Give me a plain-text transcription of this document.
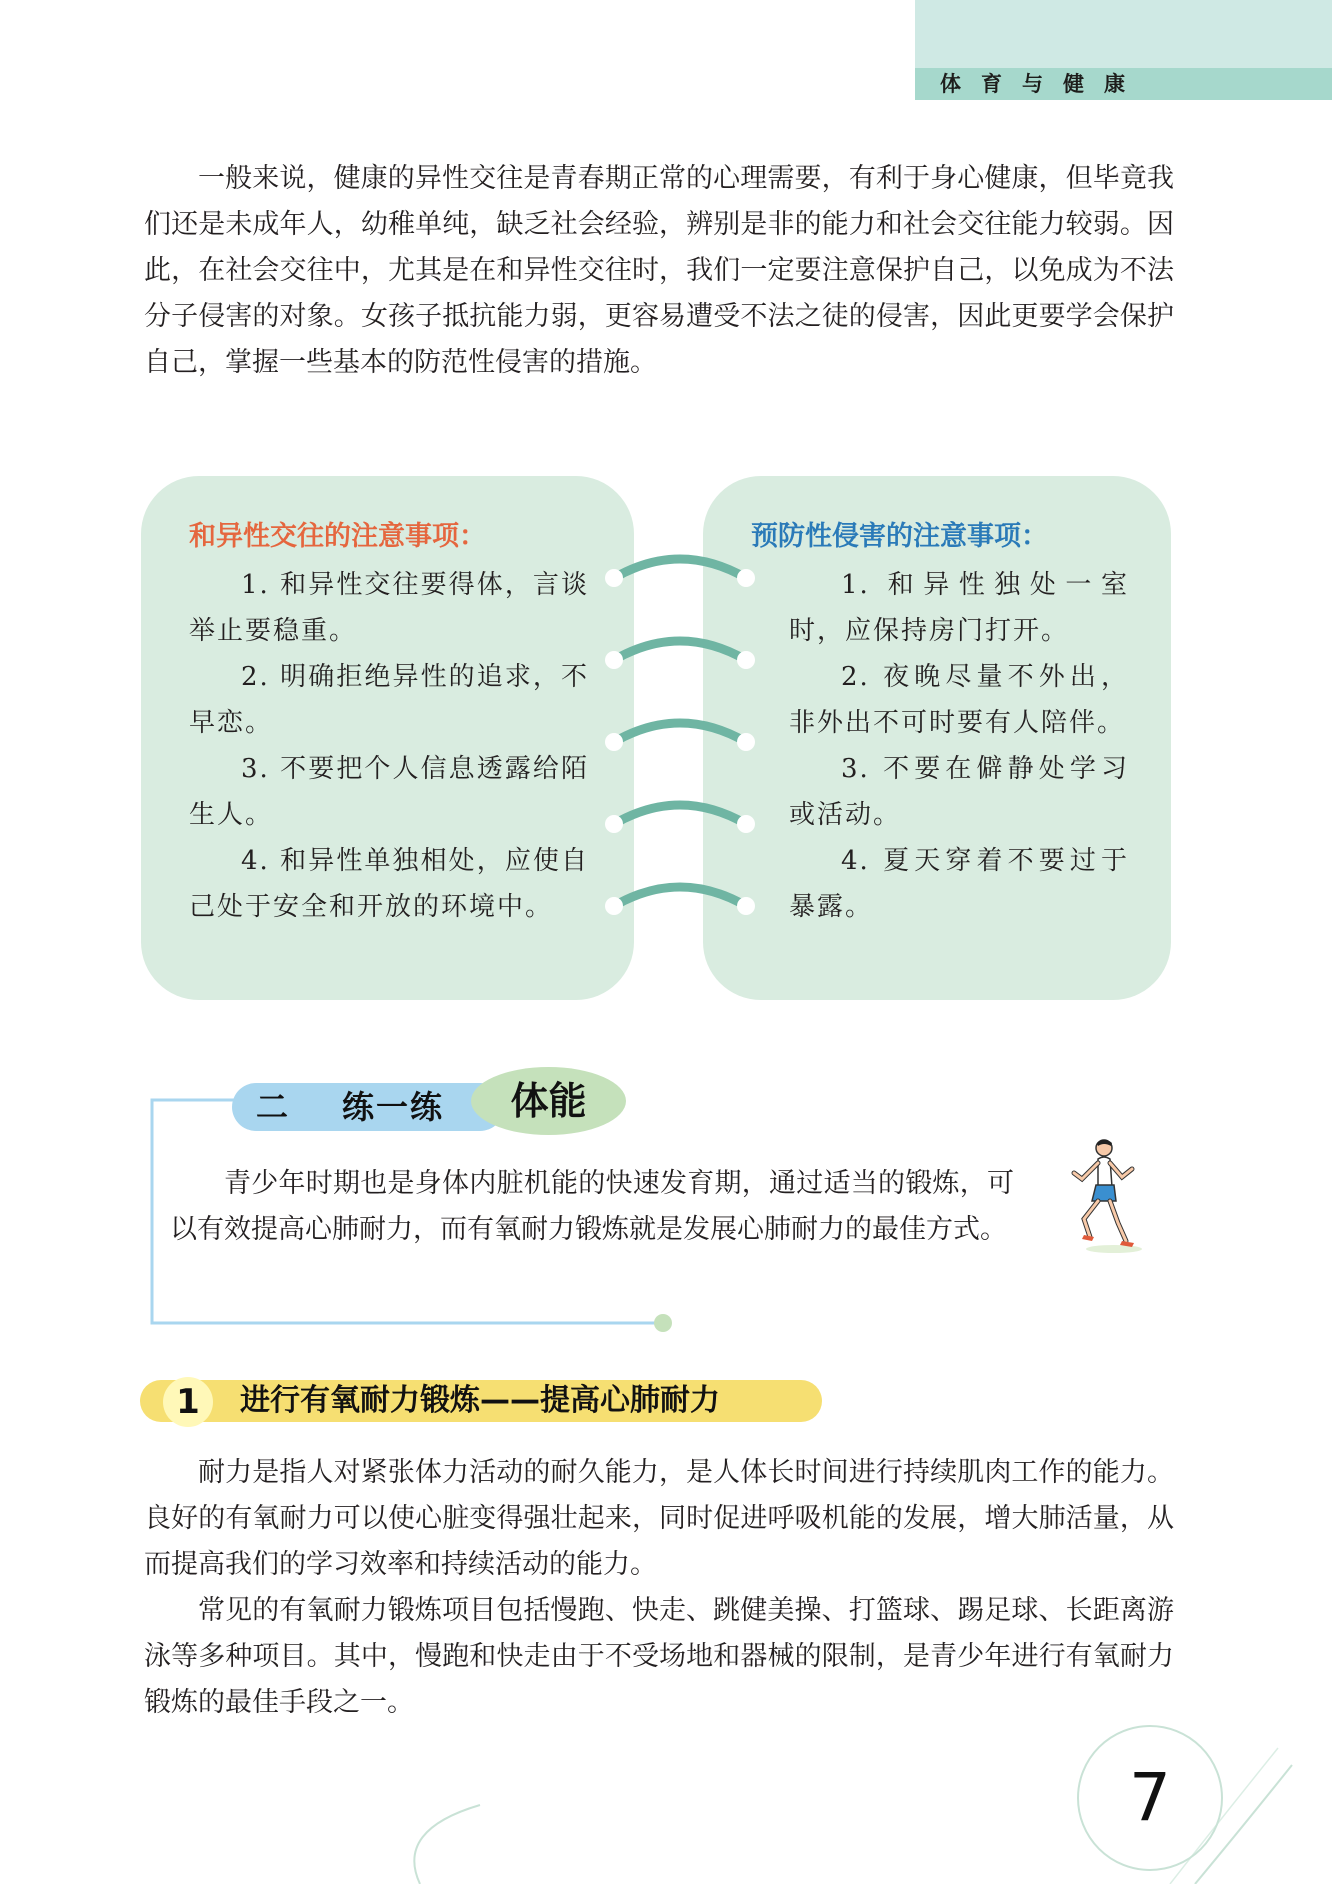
体育与健康

一般来说，健康的异性交往是青春期正常的心理需要，有利于身心健康，但毕竟我们还是未成年人，幼稚单纯，缺乏社会经验，辨别是非的能力和社会交往能力较弱。因此，在社会交往中，尤其是在和异性交往时，我们一定要注意保护自己，以免成为不法分子侵害的对象。女孩子抵抗能力弱，更容易遭受不法之徒的侵害，因此更要学会保护自己，掌握一些基本的防范性侵害的措施。

和异性交往的注意事项：

1. 和异性交往要得体，言谈举止要稳重。
2. 明确拒绝异性的追求，不早恋。
3. 不要把个人信息透露给陌生人。
4. 和异性单独相处，应使自己处于安全和开放的环境中。

预防性侵害的注意事项：

1. 和异性独处一室时，应保持房门打开。
2. 夜晚尽量不外出，非外出不可时要有人陪伴。
3. 不要在僻静处学习或活动。
4. 夏天穿着不要过于暴露。
二 练一练	体能

青少年时期也是身体内脏机能的快速发育期，通过适当的锻炼，可以有效提高心肺耐力，而有氧耐力锻炼就是发展心肺耐力的最佳方式。

1	进行有氧耐力锻炼——提高心肺耐力

耐力是指人对紧张体力活动的耐久能力，是人体长时间进行持续肌肉工作的能力。良好的有氧耐力可以使心脏变得强壮起来，同时促进呼吸机能的发展，增大肺活量，从而提高我们的学习效率和持续活动的能力。

常见的有氧耐力锻炼项目包括慢跑、快走、跳健美操、打篮球、踢足球、长距离游泳等多种项目。其中，慢跑和快走由于不受场地和器械的限制，是青少年进行有氧耐力锻炼的最佳手段之一。

7
